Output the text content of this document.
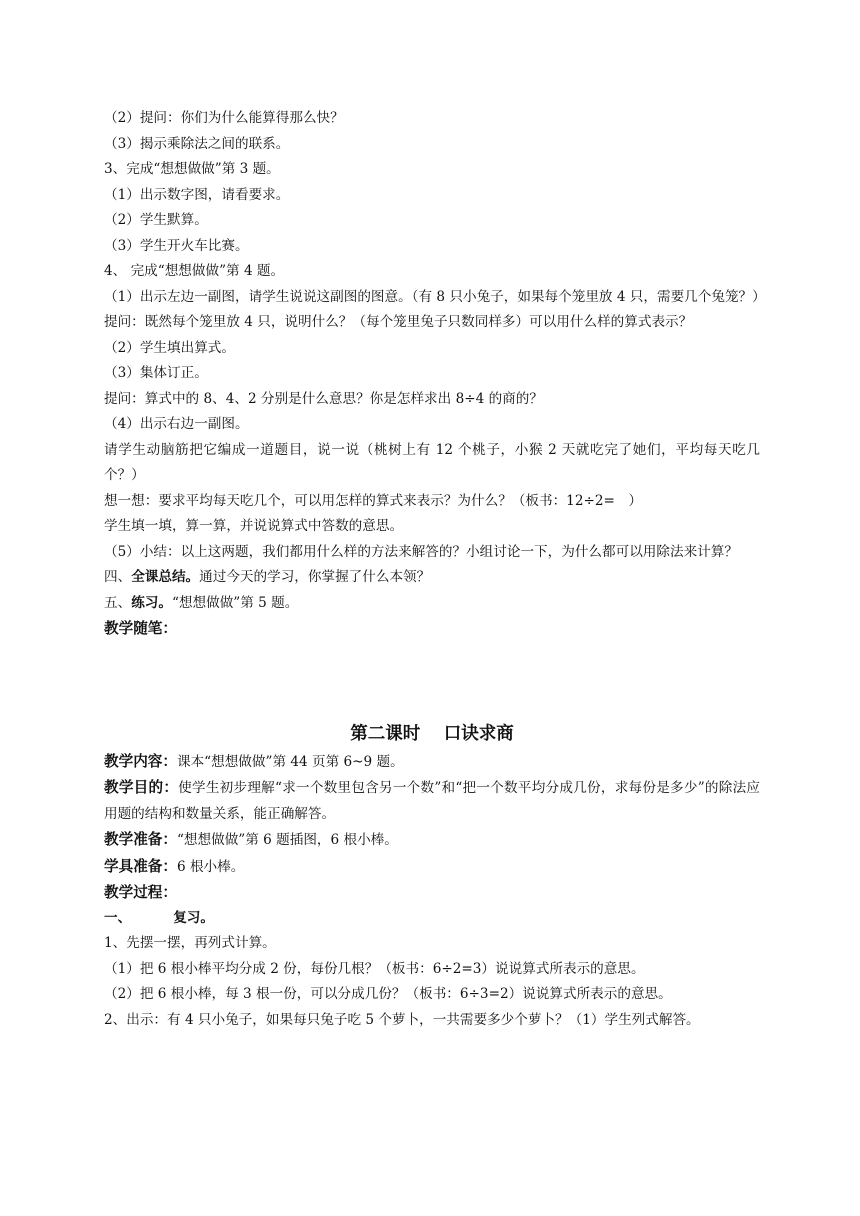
（2）提问：你们为什么能算得那么快？
（3）揭示乘除法之间的联系。
3、完成“想想做做”第 3 题。
（1）出示数字图，请看要求。
（2）学生默算。
（3）学生开火车比赛。
4、 完成“想想做做”第 4 题。
（1）出示左边一副图，请学生说说这副图的图意。（有 8 只小兔子，如果每个笼里放 4 只，需要几个兔笼？）
提问：既然每个笼里放 4 只，说明什么？（每个笼里兔子只数同样多）可以用什么样的算式表示？
（2）学生填出算式。
（3）集体订正。
提问：算式中的 8、4、2 分别是什么意思？你是怎样求出 8÷4 的商的？
（4）出示右边一副图。
请学生动脑筋把它编成一道题目，说一说（桃树上有 12 个桃子，小猴 2 天就吃完了她们，平均每天吃几个？）
想一想：要求平均每天吃几个，可以用怎样的算式来表示？为什么？（板书：12÷2=　）
学生填一填，算一算，并说说算式中答数的意思。
（5）小结：以上这两题，我们都用什么样的方法来解答的？小组讨论一下，为什么都可以用除法来计算？
四、全课总结。通过今天的学习，你掌握了什么本领？
五、练习。“想想做做”第 5 题。
教学随笔：
第二课时　 口诀求商
教学内容：课本“想想做做”第 44 页第 6~9 题。
教学目的：使学生初步理解“求一个数里包含另一个数”和“把一个数平均分成几份，求每份是多少”的除法应用题的结构和数量关系，能正确解答。
教学准备：“想想做做”第 6 题插图，6 根小棒。
学具准备：6 根小棒。
教学过程：
一、	复习。
1、先摆一摆，再列式计算。
（1）把 6 根小棒平均分成 2 份，每份几根？（板书：6÷2=3）说说算式所表示的意思。
（2）把 6 根小棒，每 3 根一份，可以分成几份？（板书：6÷3=2）说说算式所表示的意思。
2、出示：有 4 只小兔子，如果每只兔子吃 5 个萝卜，一共需要多少个萝卜？（1）学生列式解答。
